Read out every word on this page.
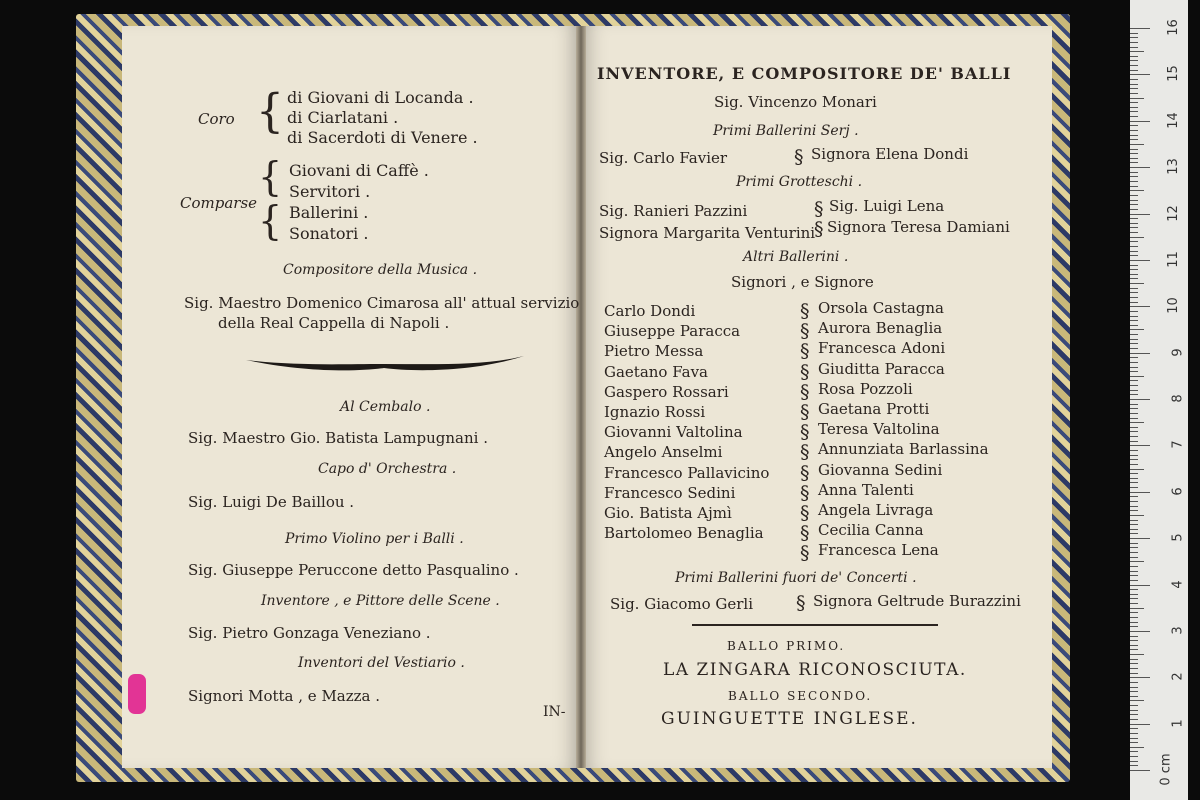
Coro { di Giovani di Locanda .
di Ciarlatani .
di Sacerdoti di Venere .
Comparse
{
{
Giovani di Caffè .
Servitori .
Ballerini .
Sonatori .
Compositore della Musica .
Sig. Maestro Domenico Cimarosa all' attual servizio
della Real Cappella di Napoli .
Al Cembalo .
Sig. Maestro Gio. Batista Lampugnani .
Capo d' Orchestra .
Sig. Luigi De Baillou .
Primo Violino per i Balli .
Sig. Giuseppe Peruccone detto Pasqualino .
Inventore , e Pittore delle Scene .
Sig. Pietro Gonzaga Veneziano .
Inventori del Vestiario .
Signori Motta , e Mazza .
IN-
INVENTORE, E COMPOSITORE DE' BALLI
Sig. Vincenzo Monari
Primi Ballerini Serj .
Sig. Carlo Favier	§ Signora Elena Dondi
Primi Grotteschi .
Sig. Ranieri Pazzini	§ Sig. Luigi Lena
Signora Margarita Venturini
§ Signora Teresa Damiani
Altri Ballerini .
Signori , e Signore
Carlo Dondi
Giuseppe Paracca
Pietro Messa
Gaetano Fava
Gaspero Rossari
Ignazio Rossi
Giovanni Valtolina
Angelo Anselmi
Francesco Pallavicino
Francesco Sedini
Gio. Batista Ajmì
Bartolomeo Benaglia
§ Orsola Castagna
§ Aurora Benaglia
§ Francesca Adoni
§ Giuditta Paracca
§ Rosa Pozzoli
§ Gaetana Protti
§ Teresa Valtolina
§ Annunziata Barlassina
§ Giovanna Sedini
§ Anna Talenti
§ Angela Livraga
§ Cecilia Canna
§ Francesca Lena
Primi Ballerini fuori de' Concerti .
Sig. Giacomo Gerli § Signora Geltrude Burazzini
BALLO PRIMO.
LA ZINGARA RICONOSCIUTA.
BALLO SECONDO.
GUINGUETTE INGLESE.
16
15
14
13
12
11
10
9
8
7
6
5
4
3
2
1
0 cm
